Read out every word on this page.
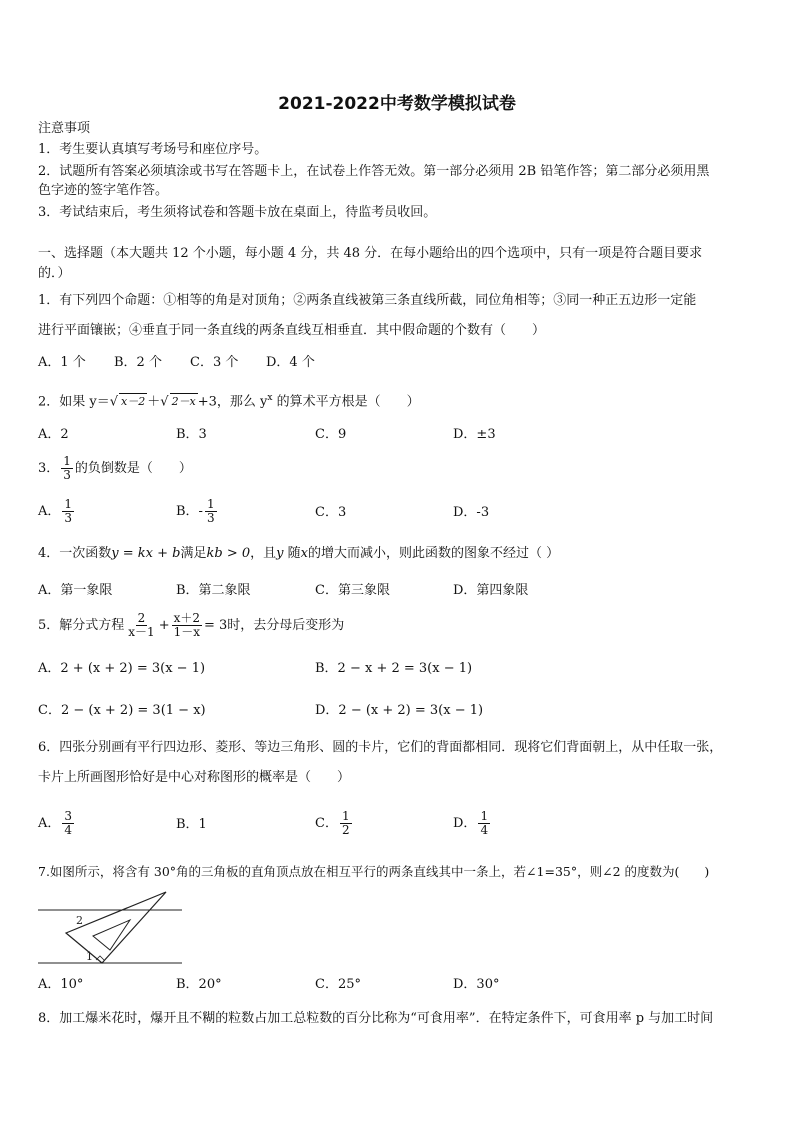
2021-2022中考数学模拟试卷
注意事项
1．考生要认真填写考场号和座位序号。
2．试题所有答案必须填涂或书写在答题卡上，在试卷上作答无效。第一部分必须用 2B 铅笔作答；第二部分必须用黑
色字迹的签字笔作答。
3．考试结束后，考生须将试卷和答题卡放在桌面上，待监考员收回。
一、选择题（本大题共 12 个小题，每小题 4 分，共 48 分．在每小题给出的四个选项中，只有一项是符合题目要求
的．）
1．有下列四个命题：①相等的角是对顶角；②两条直线被第三条直线所截，同位角相等；③同一种正五边形一定能
进行平面镶嵌；④垂直于同一条直线的两条直线互相垂直．其中假命题的个数有（　　）
A．1 个 B．2 个 C．3 个 D．4 个
2．如果 y＝√ x－2 ＋√ 2－x +3，那么 $y^x$ 的算术平方根是（　　）
A．2	B．3	C．9	D．±3
3． $\frac{1}{3}$ 的负倒数是（　　）
A． $\frac{1}{3}$	B．- $\frac{1}{3}$	C．3	D．-3
4．一次函数y = kx + b满足kb > 0，且y 随x的增大而减小，则此函数的图象不经过（ ）
A．第一象限	B．第二象限	C．第三象限	D．第四象限
5．解分式方程 $\frac{2}{x-1} + \frac{x+2}{1-x} = 3$时，去分母后变形为
A．2 + (x + 2) = 3(x − 1)	B．2 − x + 2 = 3(x − 1)
C．2 − (x + 2) = 3(1 − x)	D．2 − (x + 2) = 3(x − 1)
6．四张分别画有平行四边形、菱形、等边三角形、圆的卡片，它们的背面都相同．现将它们背面朝上，从中任取一张，
卡片上所画图形恰好是中心对称图形的概率是（　　）
A． $\frac{3}{4}$	B．1	C． $\frac{1}{2}$	D． $\frac{1}{4}$
7.如图所示，将含有 30°角的三角板的直角顶点放在相互平行的两条直线其中一条上，若∠1=35°，则∠2 的度数为(　　)
2
1
A．10°	B．20°	C．25°	D．30°
8．加工爆米花时，爆开且不糊的粒数占加工总粒数的百分比称为“可食用率”．在特定条件下，可食用率 p 与加工时间
